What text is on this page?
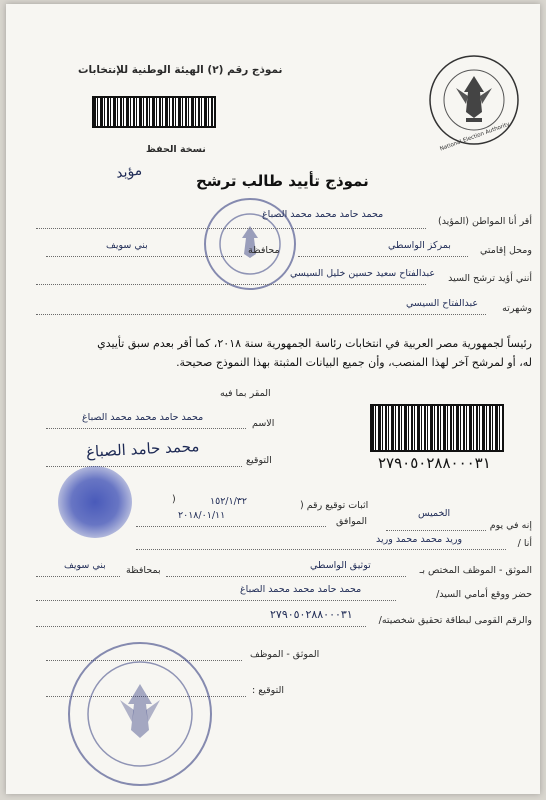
نموذج رقم (٢) الهيئة الوطنية للإنتخابات
نسخة الحفظ
مؤيد
National Election Authority
نموذج تأييد طالب ترشح
أقر أنا المواطن (المؤيد)
محمد حامد محمد محمد الصباغ
ومحل إقامتي
بمركز الواسطي
محافظة
بني سويف
أنني أؤيد ترشح السيد
عبدالفتاح سعيد حسين خليل السيسي
وشهرته
عبدالفتاح السيسي
رئيساً لجمهورية مصر العربية في انتخابات رئاسة الجمهورية سنة ٢٠١٨، كما أقر بعدم سبق تأييدي
له، أو لمرشح آخر لهذا المنصب، وأن جميع البيانات المثبتة بهذا النموذج صحيحة.
المقر بما فيه
الاسم
محمد حامد محمد محمد الصباغ
التوقيع
محمد حامد الصباغ
٢٧٩٠٥٠٢٨٨٠٠٠٣١
اثبات توقيع رقم (
١٥٢/١/٣٢
)
إنه في يوم
الخميس
الموافق
٢٠١٨/٠١/١١
أنا /
وريد محمد محمد وريد
الموثق - الموظف المختص بـ
توثيق الواسطي
بمحافظة
بني سويف
حضر ووقع أمامي السيد/
محمد حامد محمد محمد الصباغ
والرقم القومى لبطاقة تحقيق شخصيته/
٢٧٩٠٥٠٢٨٨٠٠٠٣١
الموثق - الموظف
التوقيع :
